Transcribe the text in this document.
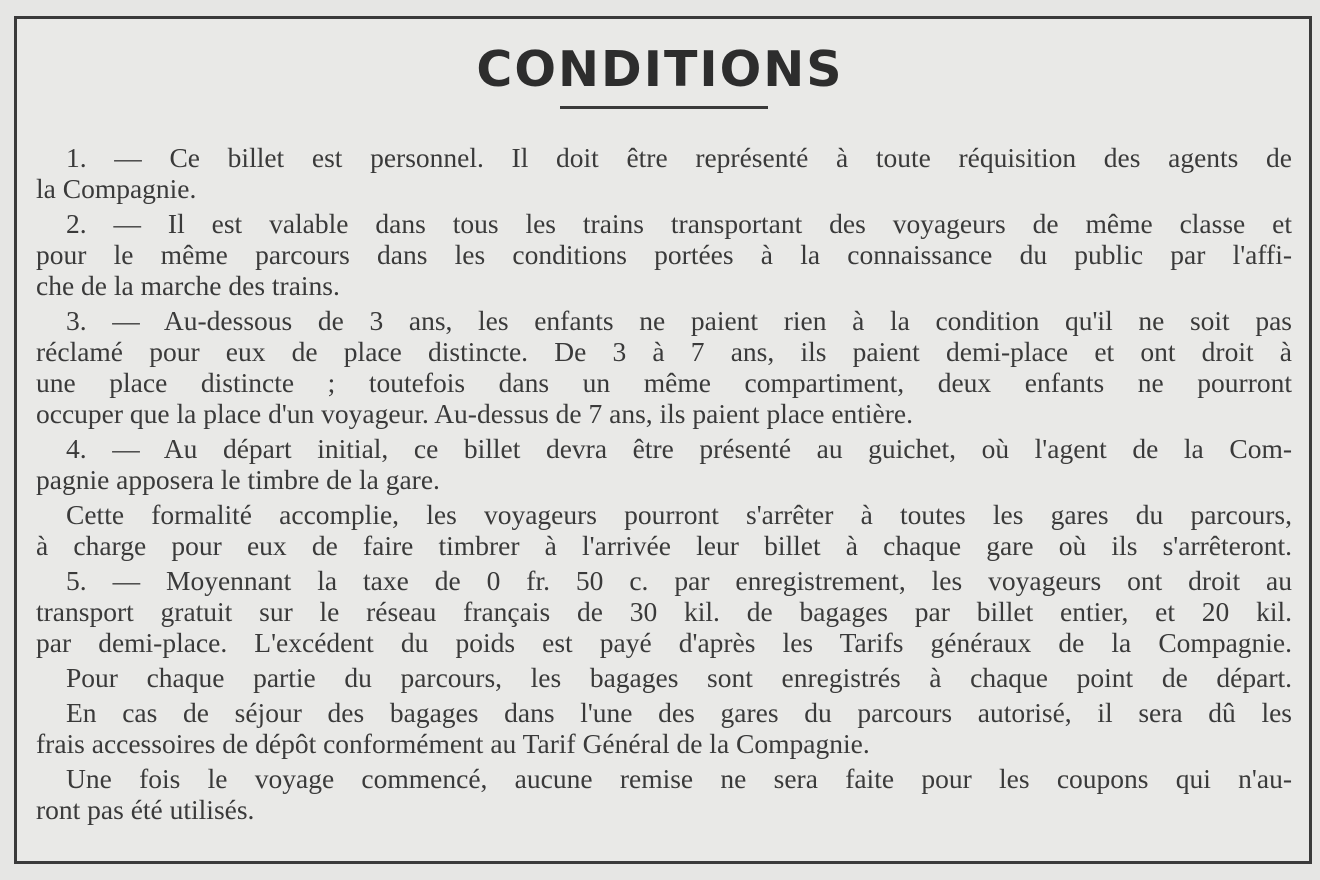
CONDITIONS
1. — Ce billet est personnel. Il doit être représenté à toute réquisition des agents de
la Compagnie.
2. — Il est valable dans tous les trains transportant des voyageurs de même classe et
pour le même parcours dans les conditions portées à la connaissance du public par l'affi-
che de la marche des trains.
3. — Au-dessous de 3 ans, les enfants ne paient rien à la condition qu'il ne soit pas
réclamé pour eux de place distincte. De 3 à 7 ans, ils paient demi-place et ont droit à
une place distincte ; toutefois dans un même compartiment, deux enfants ne pourront
occuper que la place d'un voyageur. Au-dessus de 7 ans, ils paient place entière.
4. — Au départ initial, ce billet devra être présenté au guichet, où l'agent de la Com-
pagnie apposera le timbre de la gare.
Cette formalité accomplie, les voyageurs pourront s'arrêter à toutes les gares du parcours,
à charge pour eux de faire timbrer à l'arrivée leur billet à chaque gare où ils s'arrêteront.
5. — Moyennant la taxe de 0 fr. 50 c. par enregistrement, les voyageurs ont droit au
transport gratuit sur le réseau français de 30 kil. de bagages par billet entier, et 20 kil.
par demi-place. L'excédent du poids est payé d'après les Tarifs généraux de la Compagnie.
Pour chaque partie du parcours, les bagages sont enregistrés à chaque point de départ.
En cas de séjour des bagages dans l'une des gares du parcours autorisé, il sera dû les
frais accessoires de dépôt conformément au Tarif Général de la Compagnie.
Une fois le voyage commencé, aucune remise ne sera faite pour les coupons qui n'au-
ront pas été utilisés.
